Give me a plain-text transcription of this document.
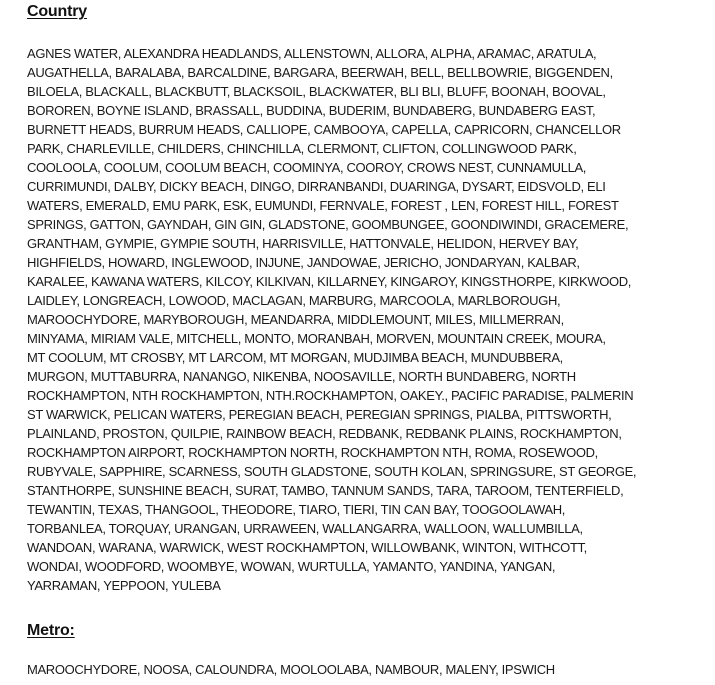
Country
AGNES WATER, ALEXANDRA HEADLANDS, ALLENSTOWN, ALLORA, ALPHA, ARAMAC, ARATULA,
AUGATHELLA, BARALABA, BARCALDINE, BARGARA, BEERWAH, BELL, BELLBOWRIE, BIGGENDEN,
BILOELA, BLACKALL, BLACKBUTT, BLACKSOIL, BLACKWATER, BLI BLI, BLUFF, BOONAH, BOOVAL,
BOROREN, BOYNE ISLAND, BRASSALL, BUDDINA, BUDERIM, BUNDABERG, BUNDABERG EAST,
BURNETT HEADS, BURRUM HEADS, CALLIOPE, CAMBOOYA, CAPELLA, CAPRICORN, CHANCELLOR
PARK, CHARLEVILLE, CHILDERS, CHINCHILLA, CLERMONT, CLIFTON, COLLINGWOOD PARK,
COOLOOLA, COOLUM, COOLUM BEACH, COOMINYA, COOROY, CROWS NEST, CUNNAMULLA,
CURRIMUNDI, DALBY, DICKY BEACH, DINGO, DIRRANBANDI, DUARINGA, DYSART, EIDSVOLD, ELI
WATERS, EMERALD, EMU PARK, ESK, EUMUNDI, FERNVALE, FOREST , LEN, FOREST HILL, FOREST
SPRINGS, GATTON, GAYNDAH, GIN GIN, GLADSTONE, GOOMBUNGEE, GOONDIWINDI, GRACEMERE,
GRANTHAM, GYMPIE, GYMPIE SOUTH, HARRISVILLE, HATTONVALE, HELIDON, HERVEY BAY,
HIGHFIELDS, HOWARD, INGLEWOOD, INJUNE, JANDOWAE, JERICHO, JONDARYAN, KALBAR,
KARALEE, KAWANA WATERS, KILCOY, KILKIVAN, KILLARNEY, KINGAROY, KINGSTHORPE, KIRKWOOD,
LAIDLEY, LONGREACH, LOWOOD, MACLAGAN, MARBURG, MARCOOLA, MARLBOROUGH,
MAROOCHYDORE, MARYBOROUGH, MEANDARRA, MIDDLEMOUNT, MILES, MILLMERRAN,
MINYAMA, MIRIAM VALE, MITCHELL, MONTO, MORANBAH, MORVEN, MOUNTAIN CREEK, MOURA,
MT COOLUM, MT CROSBY, MT LARCOM, MT MORGAN, MUDJIMBA BEACH, MUNDUBBERA,
MURGON, MUTTABURRA, NANANGO, NIKENBA, NOOSAVILLE, NORTH BUNDABERG, NORTH
ROCKHAMPTON, NTH ROCKHAMPTON, NTH.ROCKHAMPTON, OAKEY., PACIFIC PARADISE, PALMERIN
ST WARWICK, PELICAN WATERS, PEREGIAN BEACH, PEREGIAN SPRINGS, PIALBA, PITTSWORTH,
PLAINLAND, PROSTON, QUILPIE, RAINBOW BEACH, REDBANK, REDBANK PLAINS, ROCKHAMPTON,
ROCKHAMPTON AIRPORT, ROCKHAMPTON NORTH, ROCKHAMPTON NTH, ROMA, ROSEWOOD,
RUBYVALE, SAPPHIRE, SCARNESS, SOUTH GLADSTONE, SOUTH KOLAN, SPRINGSURE, ST GEORGE,
STANTHORPE, SUNSHINE BEACH, SURAT, TAMBO, TANNUM SANDS, TARA, TAROOM, TENTERFIELD,
TEWANTIN, TEXAS, THANGOOL, THEODORE, TIARO, TIERI, TIN CAN BAY, TOOGOOLAWAH,
TORBANLEA, TORQUAY, URANGAN, URRAWEEN, WALLANGARRA, WALLOON, WALLUMBILLA,
WANDOAN, WARANA, WARWICK, WEST ROCKHAMPTON, WILLOWBANK, WINTON, WITHCOTT,
WONDAI, WOODFORD, WOOMBYE, WOWAN, WURTULLA, YAMANTO, YANDINA, YANGAN,
YARRAMAN, YEPPOON, YULEBA
Metro:
MAROOCHYDORE, NOOSA, CALOUNDRA, MOOLOOLABA, NAMBOUR, MALENY, IPSWICH
